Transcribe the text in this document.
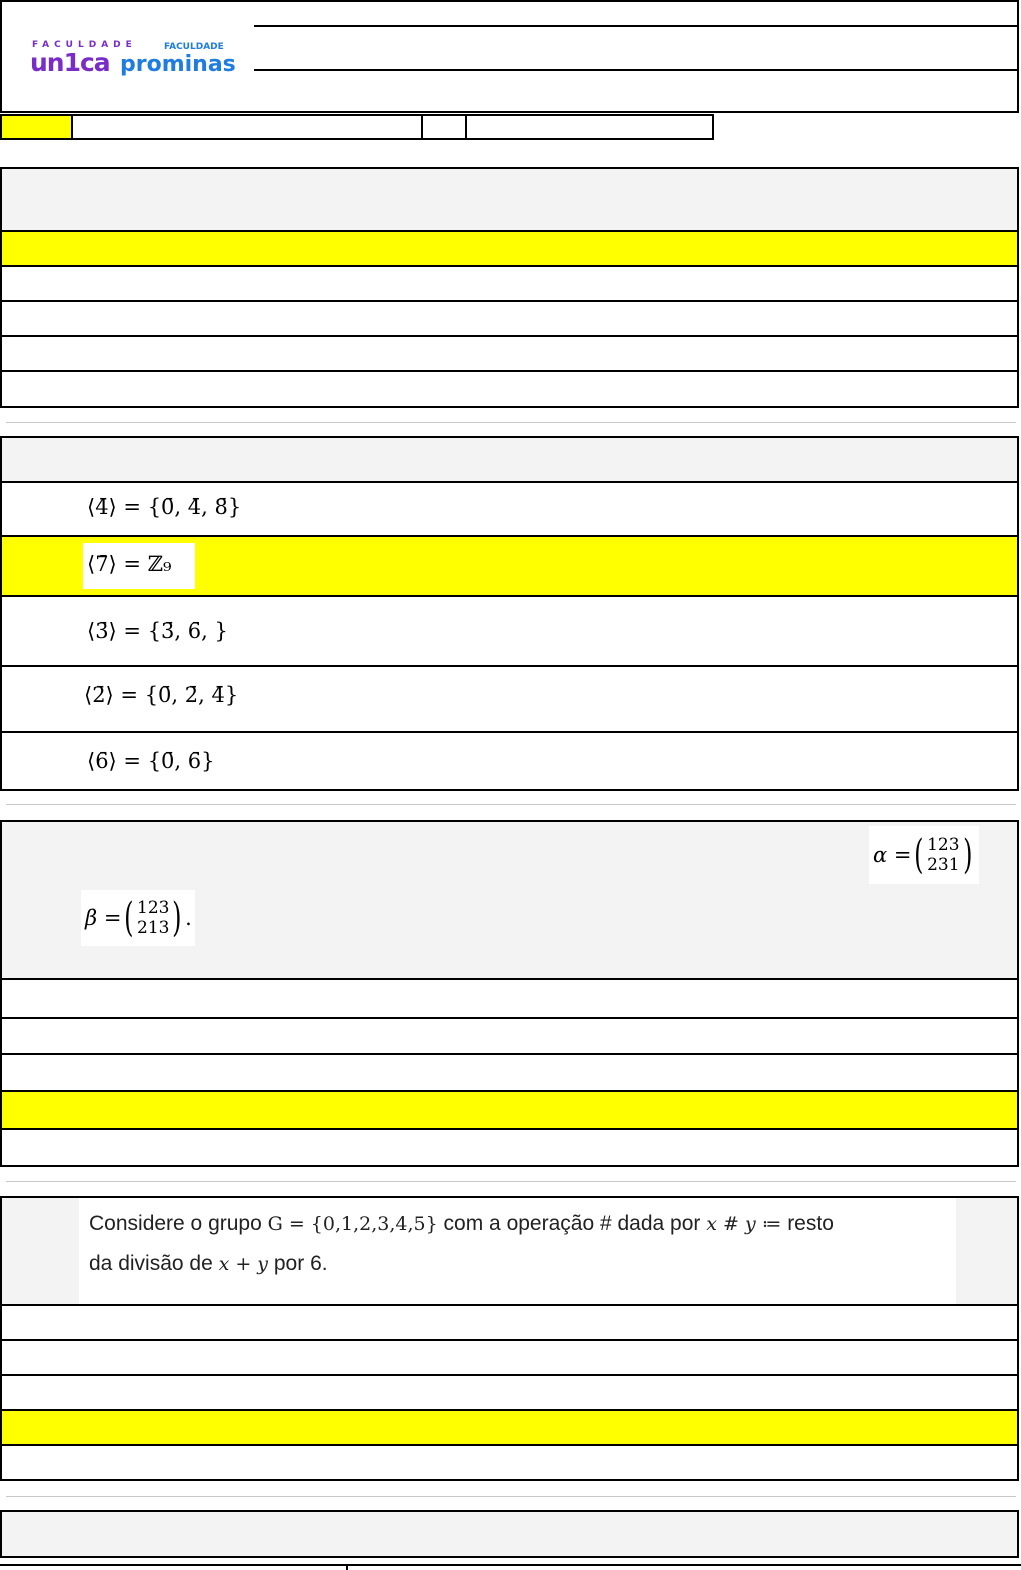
FACULDADE
un1ca
FACULDADE
prominas
⟨4̄⟩ = {0̄, 4̄, 8̄}
⟨7̄⟩ = ℤ₉
⟨3̄⟩ = {3̄, 6̄, }
⟨2̄⟩ = {0̄, 2̄, 4̄}
⟨6̄⟩ = {0̄, 6̄}
α = ( 123
231 )
β = ( 123
213 ) .
Considere o grupo G = {0,1,2,3,4,5} com a operação # dada por x # y ≔ resto
da divisão de x + y por 6.
